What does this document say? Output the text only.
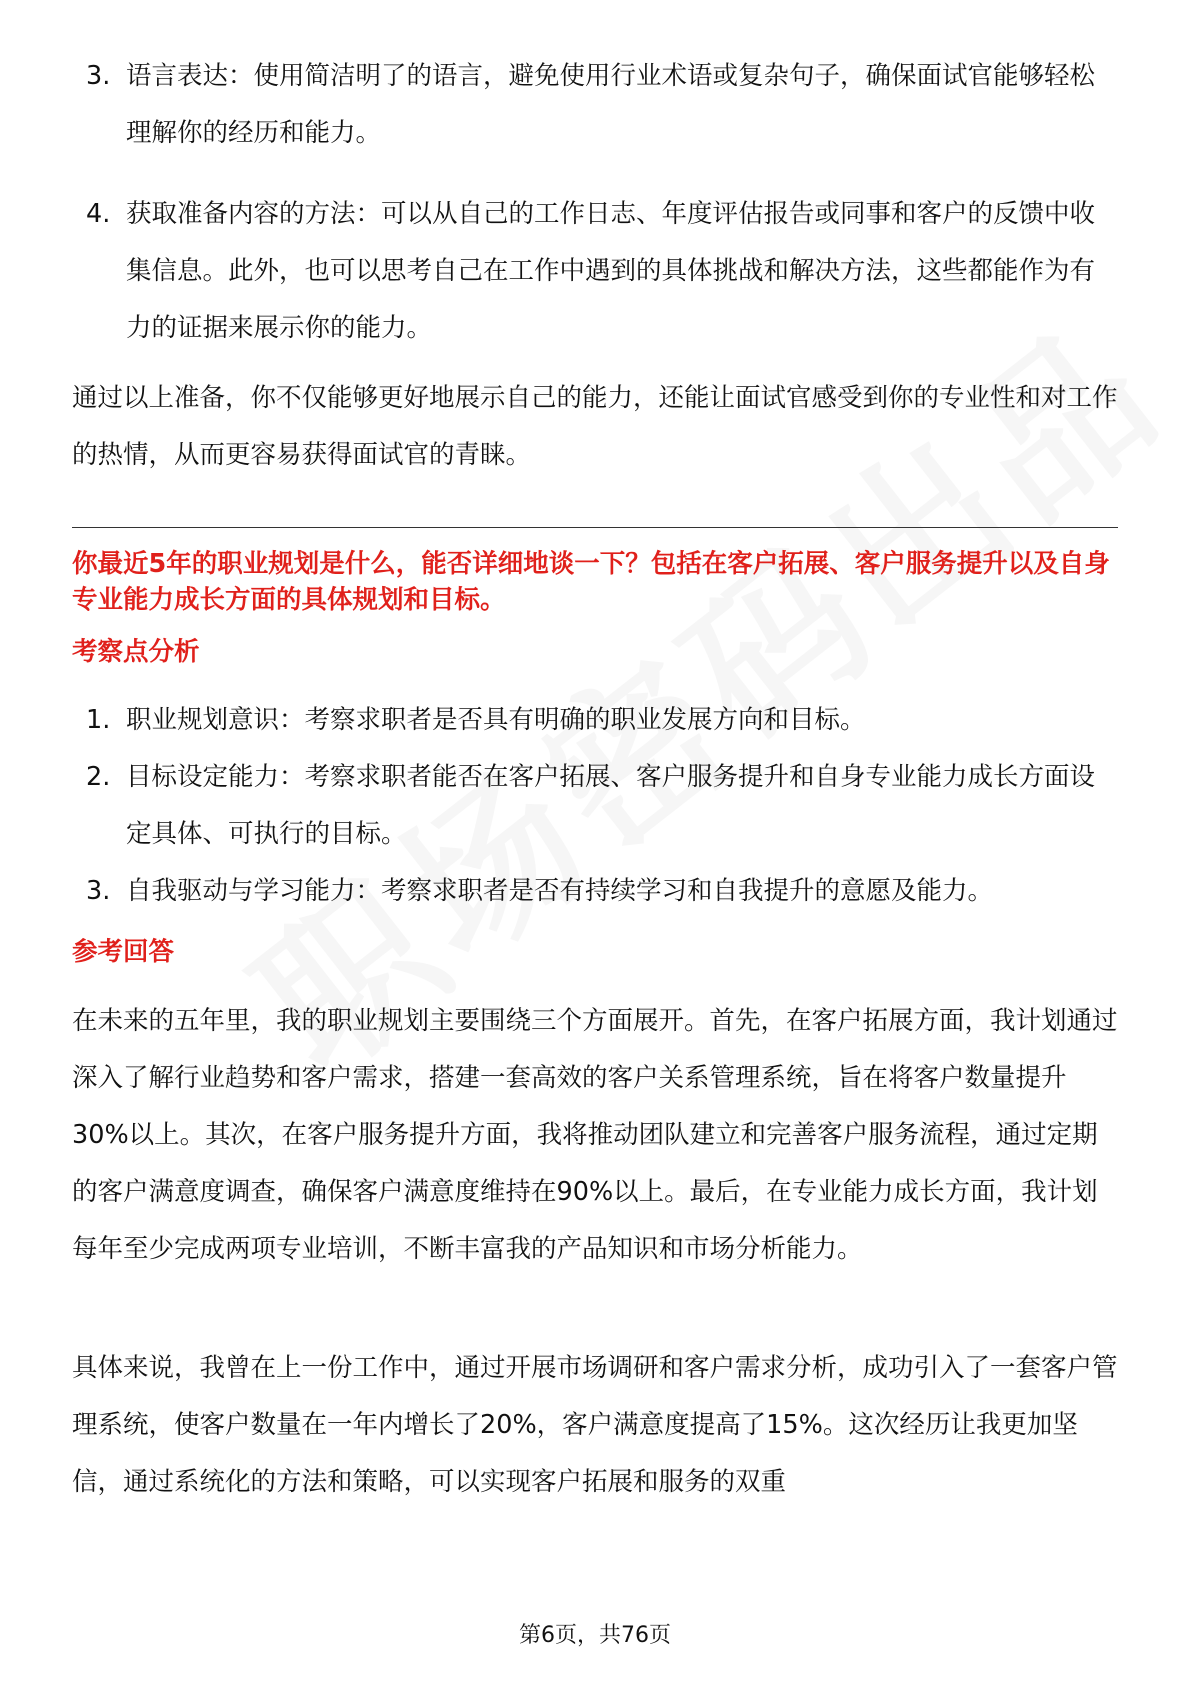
3. 语言表达：使用简洁明了的语言，避免使用行业术语或复杂句子，确保面试官能够轻松理解你的经历和能力。
4. 获取准备内容的方法：可以从自己的工作日志、年度评估报告或同事和客户的反馈中收集信息。此外，也可以思考自己在工作中遇到的具体挑战和解决方法，这些都能作为有力的证据来展示你的能力。

通过以上准备，你不仅能够更好地展示自己的能力，还能让面试官感受到你的专业性和对工作的热情，从而更容易获得面试官的青睐。

你最近5年的职业规划是什么，能否详细地谈一下？包括在客户拓展、客户服务提升以及自身专业能力成长方面的具体规划和目标。

考察点分析

1. 职业规划意识：考察求职者是否具有明确的职业发展方向和目标。
2. 目标设定能力：考察求职者能否在客户拓展、客户服务提升和自身专业能力成长方面设定具体、可执行的目标。
3. 自我驱动与学习能力：考察求职者是否有持续学习和自我提升的意愿及能力。

参考回答

在未来的五年里，我的职业规划主要围绕三个方面展开。首先，在客户拓展方面，我计划通过深入了解行业趋势和客户需求，搭建一套高效的客户关系管理系统，旨在将客户数量提升30%以上。其次，在客户服务提升方面，我将推动团队建立和完善客户服务流程，通过定期的客户满意度调查，确保客户满意度维持在90%以上。最后，在专业能力成长方面，我计划每年至少完成两项专业培训，不断丰富我的产品知识和市场分析能力。

具体来说，我曾在上一份工作中，通过开展市场调研和客户需求分析，成功引入了一套客户管理系统，使客户数量在一年内增长了20%，客户满意度提高了15%。这次经历让我更加坚信，通过系统化的方法和策略，可以实现客户拓展和服务的双重

第6页，共76页
